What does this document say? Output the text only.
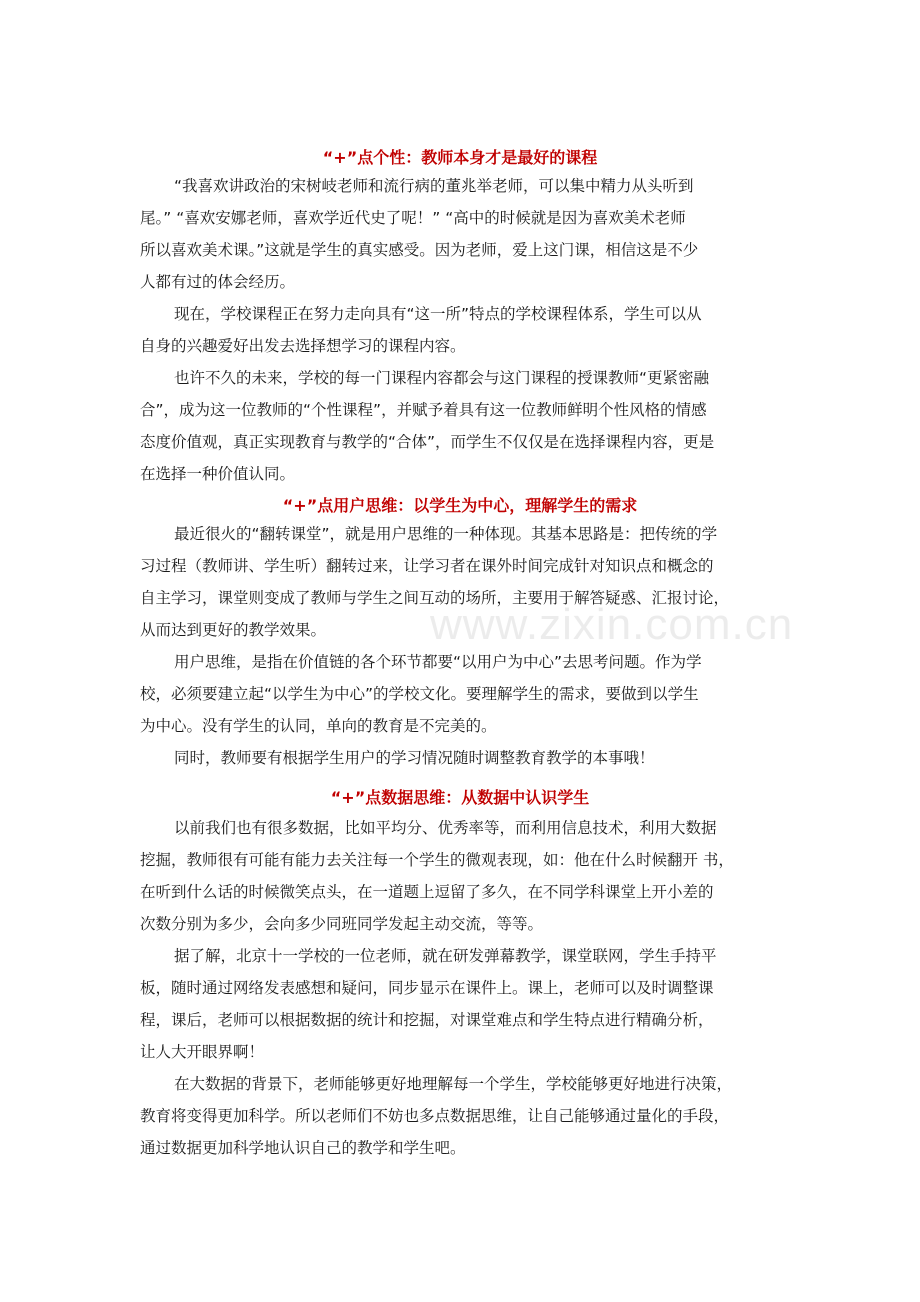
www.zixin.com.cn
“+”点个性：教师本身才是最好的课程
“我喜欢讲政治的宋树岐老师和流行病的董兆举老师，可以集中精力从头听到
尾。” “喜欢安娜老师，喜欢学近代史了呢！” “高中的时候就是因为喜欢美术老师
所以喜欢美术课。”这就是学生的真实感受。因为老师，爱上这门课，相信这是不少
人都有过的体会经历。
现在，学校课程正在努力走向具有“这一所”特点的学校课程体系，学生可以从
自身的兴趣爱好出发去选择想学习的课程内容。
也许不久的未来，学校的每一门课程内容都会与这门课程的授课教师“更紧密融
合”，成为这一位教师的“个性课程”，并赋予着具有这一位教师鲜明个性风格的情感
态度价值观，真正实现教育与教学的“合体”，而学生不仅仅是在选择课程内容，更是
在选择一种价值认同。
“+”点用户思维：以学生为中心，理解学生的需求
最近很火的“翻转课堂”，就是用户思维的一种体现。其基本思路是：把传统的学
习过程（教师讲、学生听）翻转过来，让学习者在课外时间完成针对知识点和概念的
自主学习，课堂则变成了教师与学生之间互动的场所，主要用于解答疑惑、汇报讨论，
从而达到更好的教学效果。
用户思维，是指在价值链的各个环节都要“以用户为中心”去思考问题。作为学
校，必须要建立起“以学生为中心”的学校文化。要理解学生的需求，要做到以学生
为中心。没有学生的认同，单向的教育是不完美的。
同时，教师要有根据学生用户的学习情况随时调整教育教学的本事哦！
“+”点数据思维：从数据中认识学生
以前我们也有很多数据，比如平均分、优秀率等，而利用信息技术，利用大数据
挖掘，教师很有可能有能力去关注每一个学生的微观表现，如：他在什么时候翻开 书，
在听到什么话的时候微笑点头，在一道题上逗留了多久，在不同学科课堂上开小差的
次数分别为多少，会向多少同班同学发起主动交流，等等。
据了解，北京十一学校的一位老师，就在研发弹幕教学，课堂联网，学生手持平
板，随时通过网络发表感想和疑问，同步显示在课件上。课上，老师可以及时调整课
程，课后，老师可以根据数据的统计和挖掘，对课堂难点和学生特点进行精确分析，
让人大开眼界啊！
在大数据的背景下，老师能够更好地理解每一个学生，学校能够更好地进行决策，
教育将变得更加科学。所以老师们不妨也多点数据思维，让自己能够通过量化的手段，
通过数据更加科学地认识自己的教学和学生吧。
